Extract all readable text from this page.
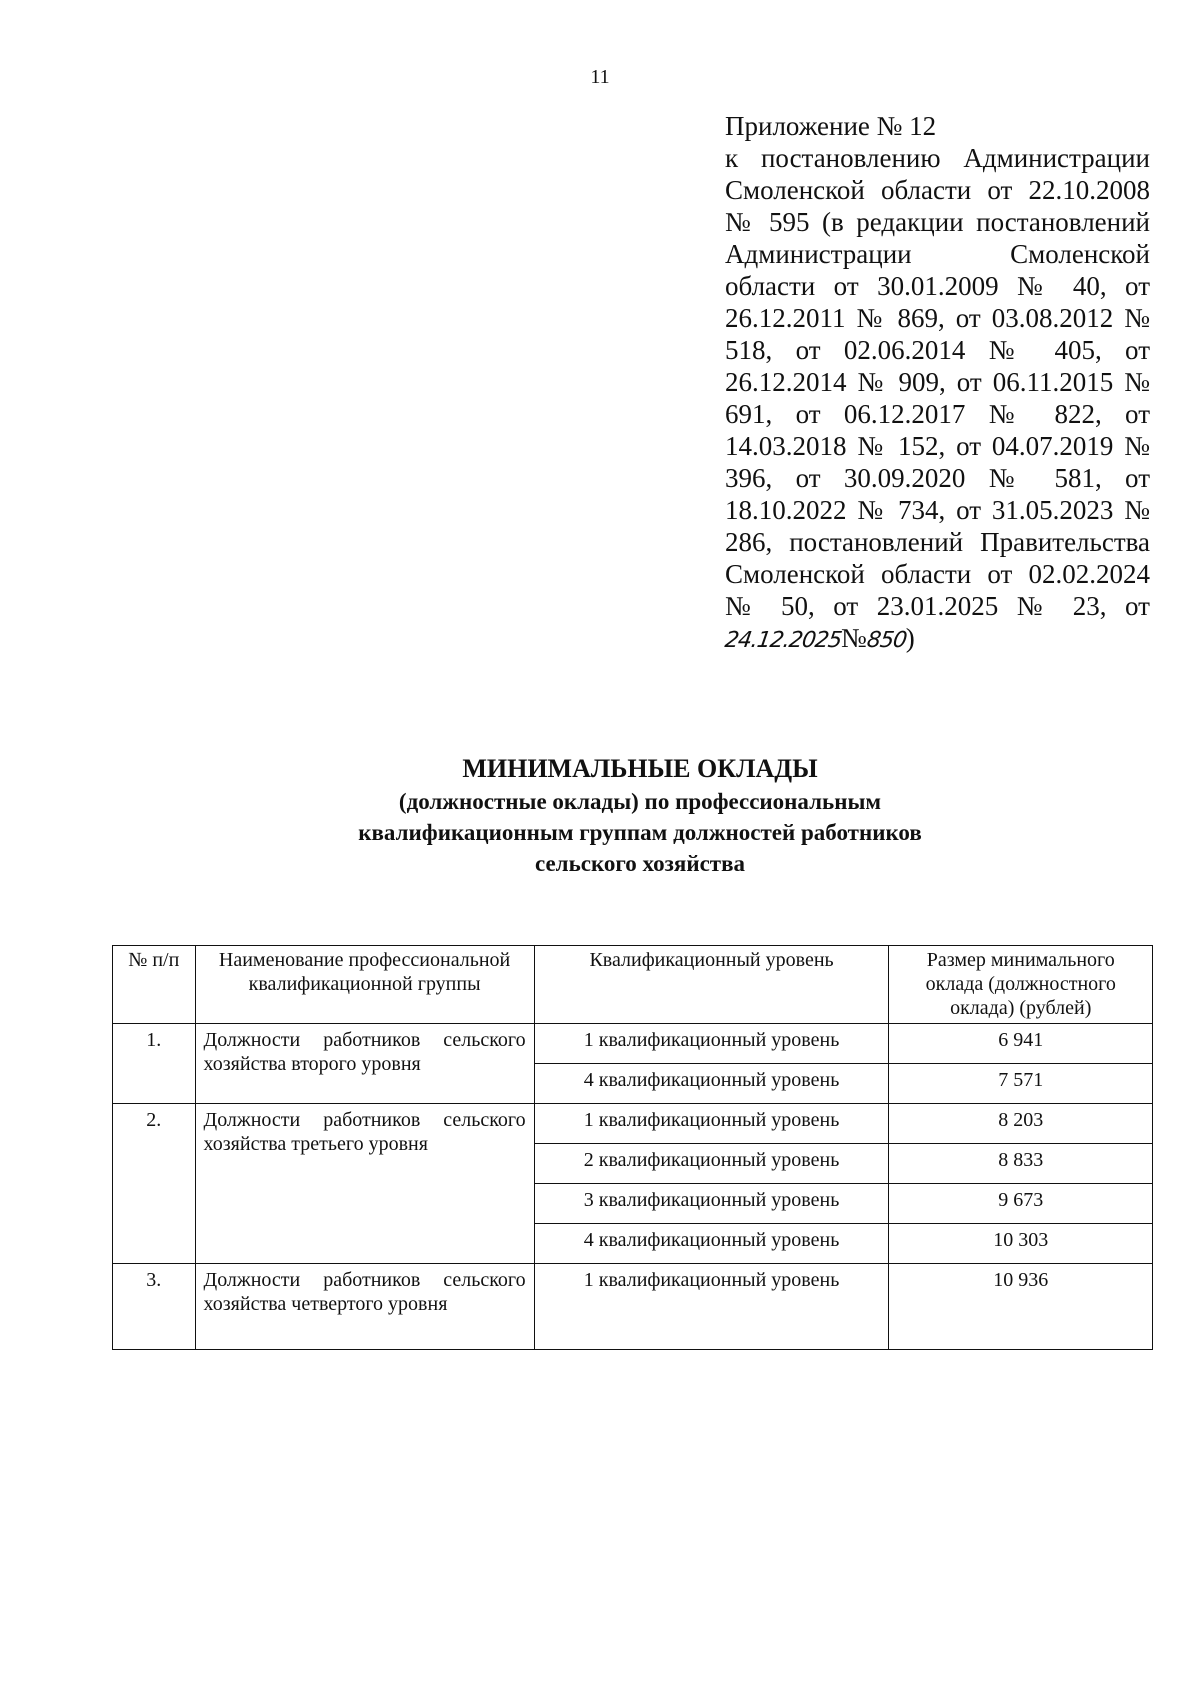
11
Приложение № 12
к постановлению Администрации Смоленской области от 22.10.2008 № 595 (в редакции постановлений Администрации Смоленской области от 30.01.2009 № 40, от 26.12.2011 № 869, от 03.08.2012 № 518, от 02.06.2014 № 405, от 26.12.2014 № 909, от 06.11.2015 № 691, от 06.12.2017 № 822, от 14.03.2018 № 152, от 04.07.2019 № 396, от 30.09.2020 № 581, от 18.10.2022 № 734, от 31.05.2023 № 286, постановлений Правительства Смоленской области от 02.02.2024 № 50, от 23.01.2025 № 23, от24.12.2025№850)
МИНИМАЛЬНЫЕ ОКЛАДЫ
(должностные оклады) по профессиональным
квалификационным группам должностей работников
сельского хозяйства
№ п/п	Наименование профессиональной квалификационной группы	Квалификационный уровень	Размер минимального оклада (должностного оклада) (рублей)
1.	Должности работников сельского хозяйства второго уровня	1 квалификационный уровень	6 941
		4 квалификационный уровень	7 571
2.	Должности работников сельского хозяйства третьего уровня	1 квалификационный уровень	8 203
		2 квалификационный уровень	8 833
		3 квалификационный уровень	9 673
		4 квалификационный уровень	10 303
3.	Должности работников сельского хозяйства четвертого уровня	1 квалификационный уровень	10 936
